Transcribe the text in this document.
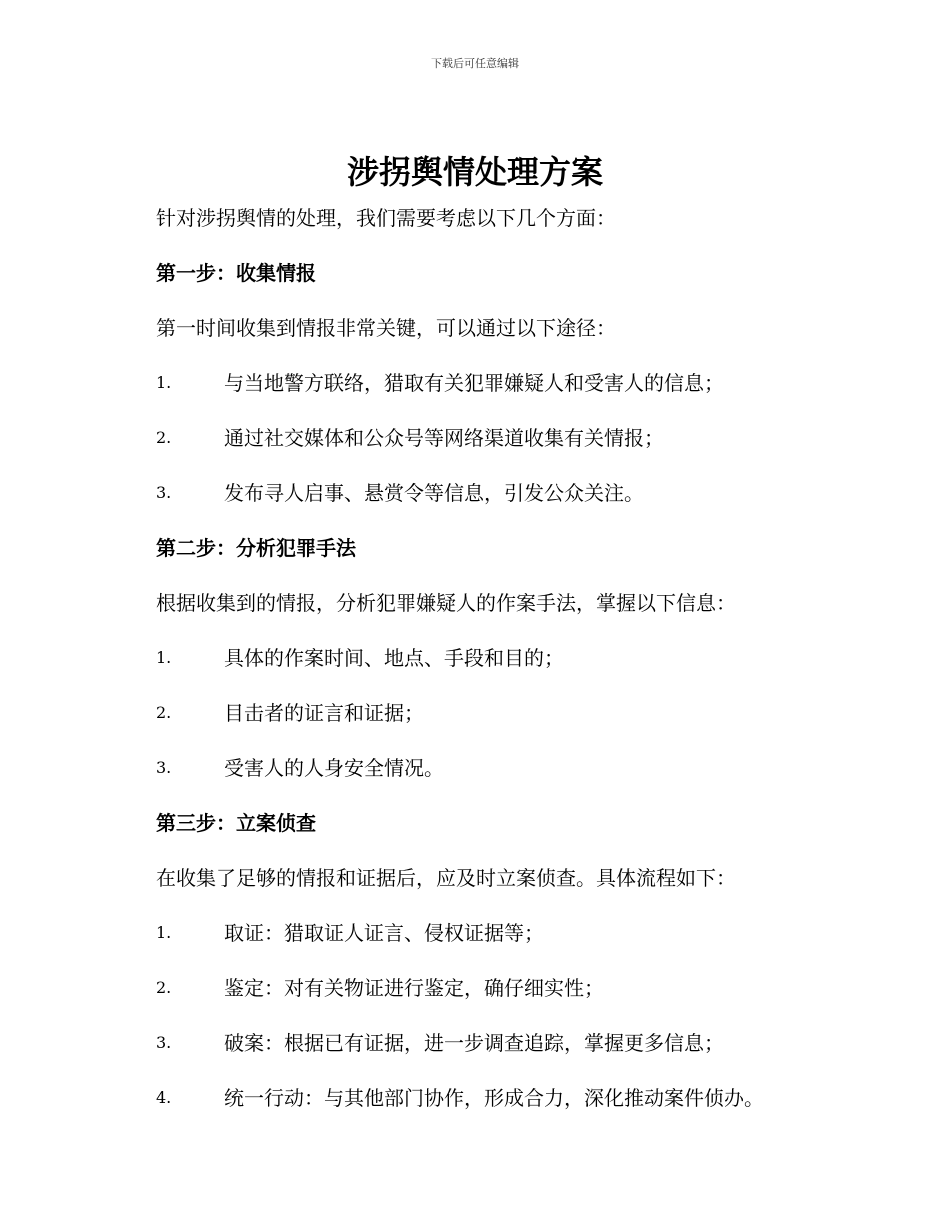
下载后可任意编辑
涉拐舆情处理方案
针对涉拐舆情的处理，我们需要考虑以下几个方面：
第一步：收集情报
第一时间收集到情报非常关键，可以通过以下途径：
1.	与当地警方联络，猎取有关犯罪嫌疑人和受害人的信息；
2.	通过社交媒体和公众号等网络渠道收集有关情报；
3.	发布寻人启事、悬赏令等信息，引发公众关注。
第二步：分析犯罪手法
根据收集到的情报，分析犯罪嫌疑人的作案手法，掌握以下信息：
1.	具体的作案时间、地点、手段和目的；
2.	目击者的证言和证据；
3.	受害人的人身安全情况。
第三步：立案侦查
在收集了足够的情报和证据后，应及时立案侦查。具体流程如下：
1.	取证：猎取证人证言、侵权证据等；
2.	鉴定：对有关物证进行鉴定，确仔细实性；
3.	破案：根据已有证据，进一步调查追踪，掌握更多信息；
4.	统一行动：与其他部门协作，形成合力，深化推动案件侦办。
